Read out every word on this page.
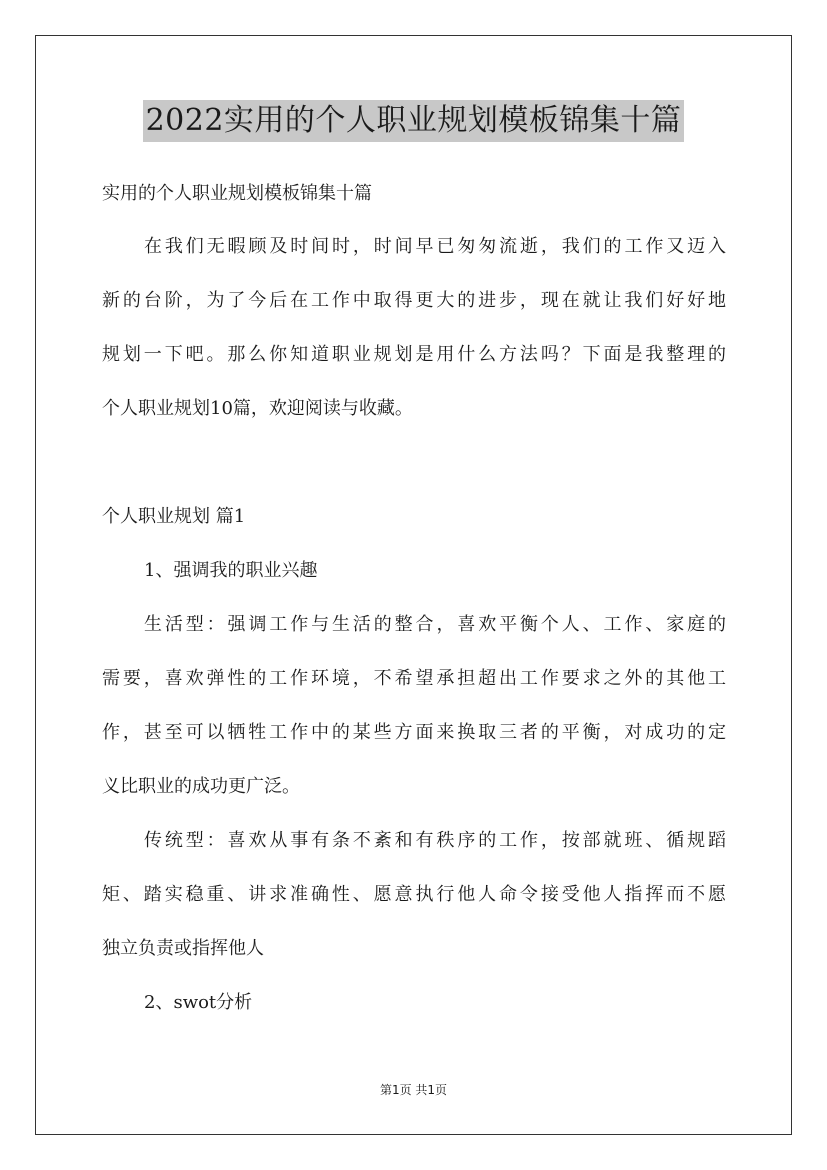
2022实用的个人职业规划模板锦集十篇
实用的个人职业规划模板锦集十篇
在我们无暇顾及时间时，时间早已匆匆流逝，我们的工作又迈入
新的台阶，为了今后在工作中取得更大的进步，现在就让我们好好地
规划一下吧。那么你知道职业规划是用什么方法吗？下面是我整理的
个人职业规划10篇，欢迎阅读与收藏。
个人职业规划 篇1
1、强调我的职业兴趣
生活型：强调工作与生活的整合，喜欢平衡个人、工作、家庭的
需要，喜欢弹性的工作环境，不希望承担超出工作要求之外的其他工
作，甚至可以牺牲工作中的某些方面来换取三者的平衡，对成功的定
义比职业的成功更广泛。
传统型：喜欢从事有条不紊和有秩序的工作，按部就班、循规蹈
矩、踏实稳重、讲求准确性、愿意执行他人命令接受他人指挥而不愿
独立负责或指挥他人
2、swot分析
第1页 共1页
